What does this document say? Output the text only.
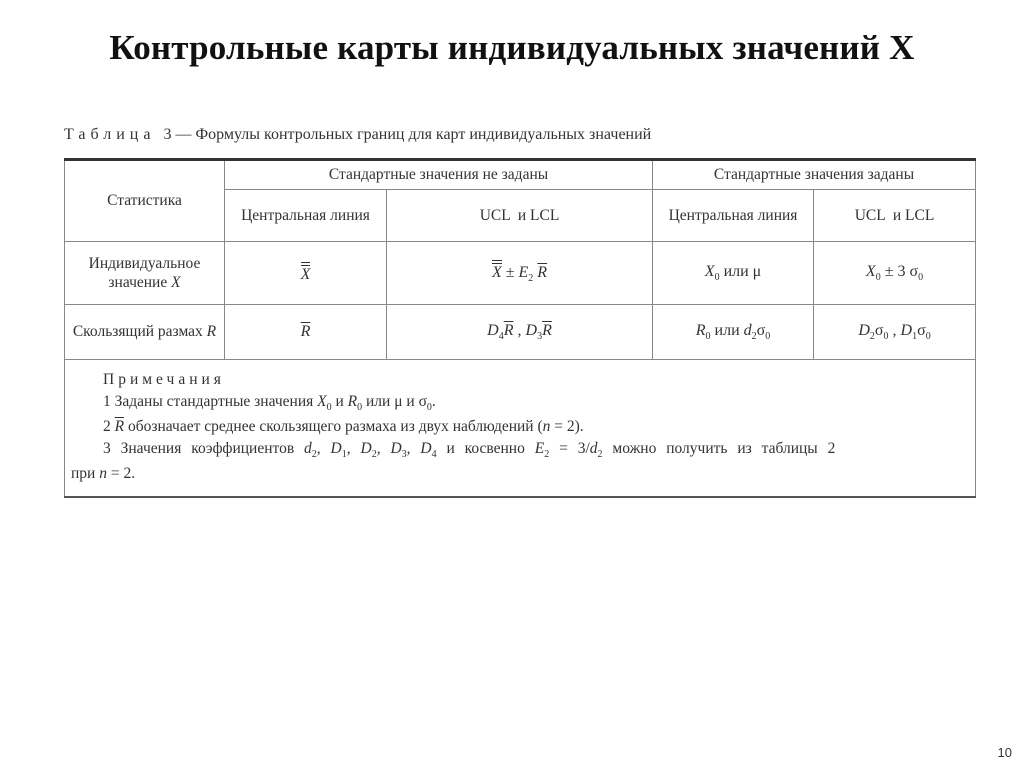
Контрольные карты индивидуальных значений Х
Таблица 3 — Формулы контрольных границ для карт индивидуальных значений
Статистика	Стандартные значения не заданы		Стандартные значения заданы	
	Центральная линия	UCL  и LCL	Центральная линия	UCL  и LCL
Индивидуальное значение X	X	$X \pm E_2$ $\overline{R}$	$X_0$ или μ	$X_0 \pm 3$ $\sigma_0$
Скользящий размах R	$\overline{R}$	$D_4\overline{R}$ , $D_3\overline{R}$	$R_0$ или $d_2\sigma_0$	$D_2\sigma_0$ , $D_1\sigma_0$

Примечания
1 Заданы стандартные значения $X_0$ и $R_0$ или μ и $\sigma_0$.
2 $\overline{R}$ обозначает среднее скользящего размаха из двух наблюдений (n = 2).
3 Значения коэффициентов $d_2$, $D_1$, $D_2$, $D_3$, $D_4$ и косвенно $E_2 = 3/d_2$ можно получить из таблицы 2
при n = 2.				
10
